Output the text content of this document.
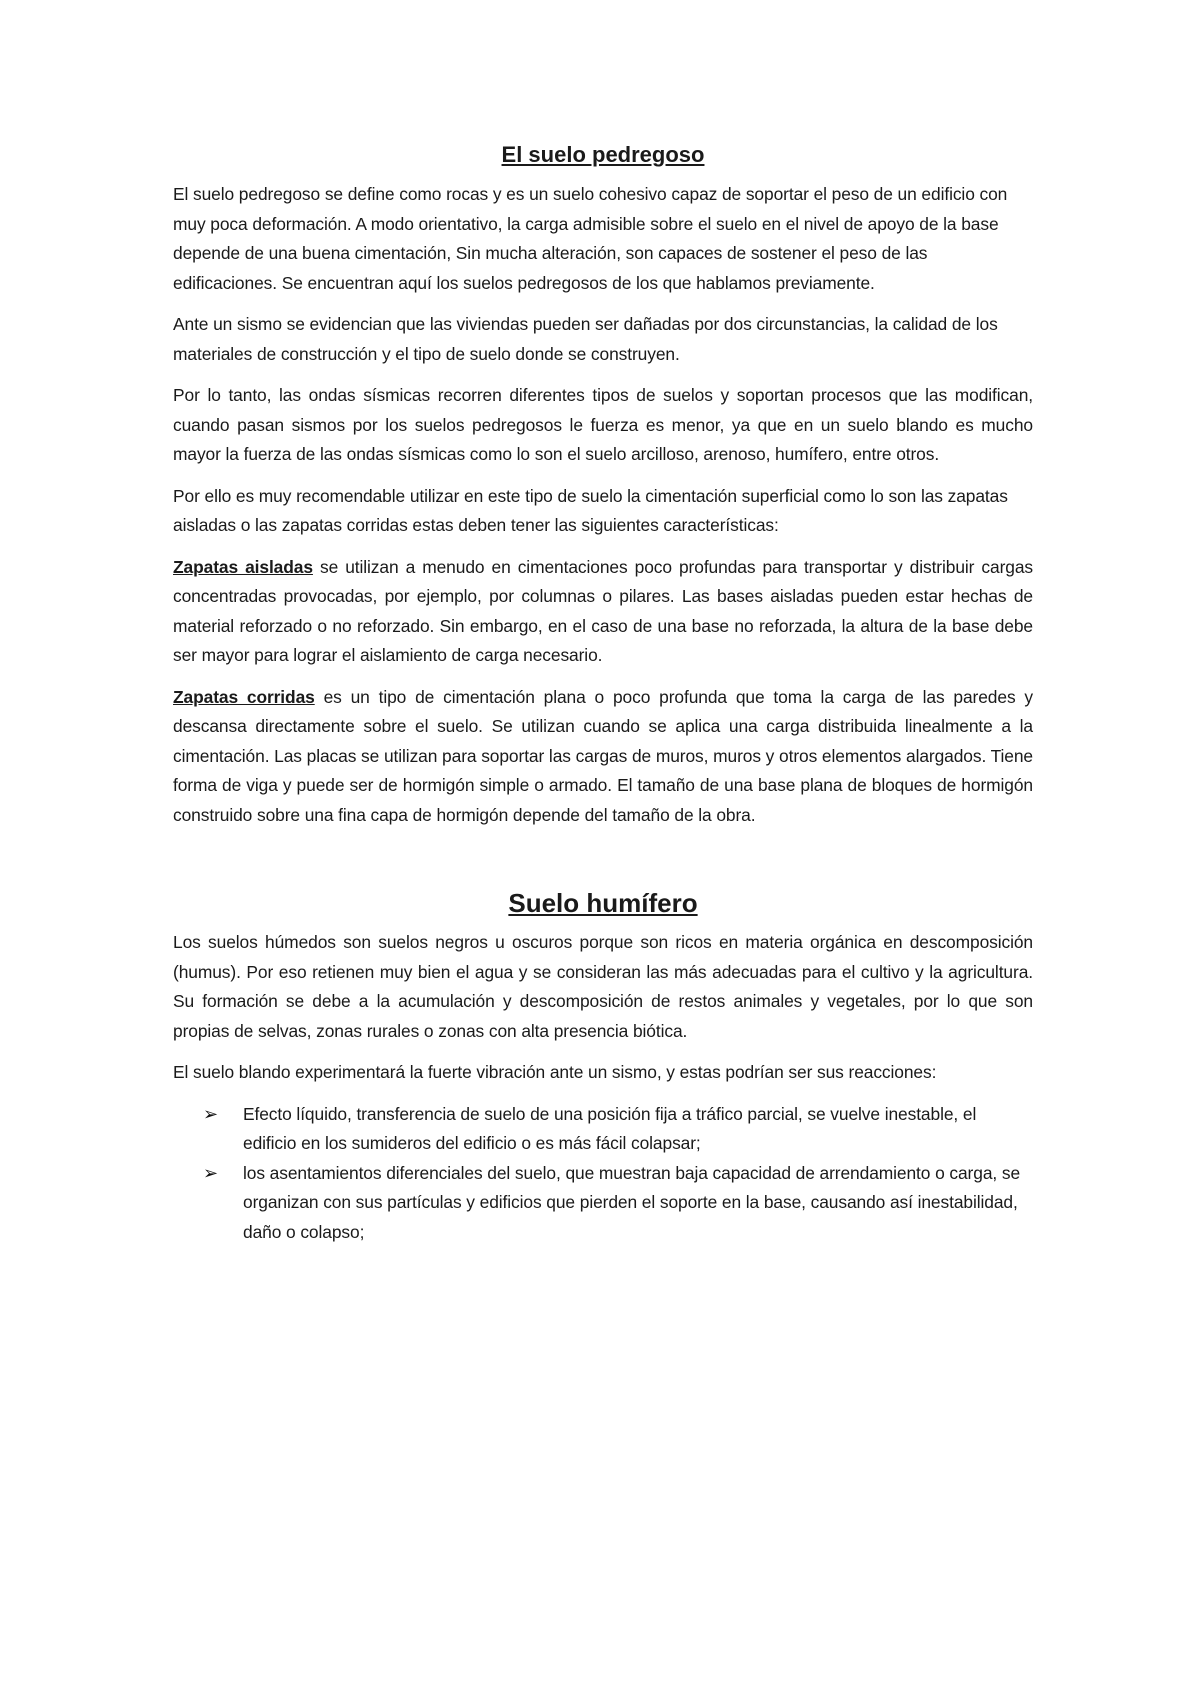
El suelo pedregoso

El suelo pedregoso se define como rocas y es un suelo cohesivo capaz de soportar el peso de un edificio con muy poca deformación. A modo orientativo, la carga admisible sobre el suelo en el nivel de apoyo de la base depende de una buena cimentación, Sin mucha alteración, son capaces de sostener el peso de las edificaciones. Se encuentran aquí los suelos pedregosos de los que hablamos previamente.

Ante un sismo se evidencian que las viviendas pueden ser dañadas por dos circunstancias, la calidad de los materiales de construcción y el tipo de suelo donde se construyen.

Por lo tanto, las ondas sísmicas recorren diferentes tipos de suelos y soportan procesos que las modifican, cuando pasan sismos por los suelos pedregosos le fuerza es menor, ya que en un suelo blando es mucho mayor la fuerza de las ondas sísmicas como lo son el suelo arcilloso, arenoso, humífero, entre otros.

Por ello es muy recomendable utilizar en este tipo de suelo la cimentación superficial como lo son las zapatas aisladas o las zapatas corridas estas deben tener las siguientes características:

Zapatas aisladas se utilizan a menudo en cimentaciones poco profundas para transportar y distribuir cargas concentradas provocadas, por ejemplo, por columnas o pilares. Las bases aisladas pueden estar hechas de material reforzado o no reforzado. Sin embargo, en el caso de una base no reforzada, la altura de la base debe ser mayor para lograr el aislamiento de carga necesario.

Zapatas corridas es un tipo de cimentación plana o poco profunda que toma la carga de las paredes y descansa directamente sobre el suelo. Se utilizan cuando se aplica una carga distribuida linealmente a la cimentación. Las placas se utilizan para soportar las cargas de muros, muros y otros elementos alargados. Tiene forma de viga y puede ser de hormigón simple o armado. El tamaño de una base plana de bloques de hormigón construido sobre una fina capa de hormigón depende del tamaño de la obra.

Suelo humífero

Los suelos húmedos son suelos negros u oscuros porque son ricos en materia orgánica en descomposición (humus). Por eso retienen muy bien el agua y se consideran las más adecuadas para el cultivo y la agricultura. Su formación se debe a la acumulación y descomposición de restos animales y vegetales, por lo que son propias de selvas, zonas rurales o zonas con alta presencia biótica.

El suelo blando experimentará la fuerte vibración ante un sismo, y estas podrían ser sus reacciones:

➢ Efecto líquido, transferencia de suelo de una posición fija a tráfico parcial, se vuelve inestable, el edificio en los sumideros del edificio o es más fácil colapsar;
➢ los asentamientos diferenciales del suelo, que muestran baja capacidad de arrendamiento o carga, se organizan con sus partículas y edificios que pierden el soporte en la base, causando así inestabilidad, daño o colapso;
